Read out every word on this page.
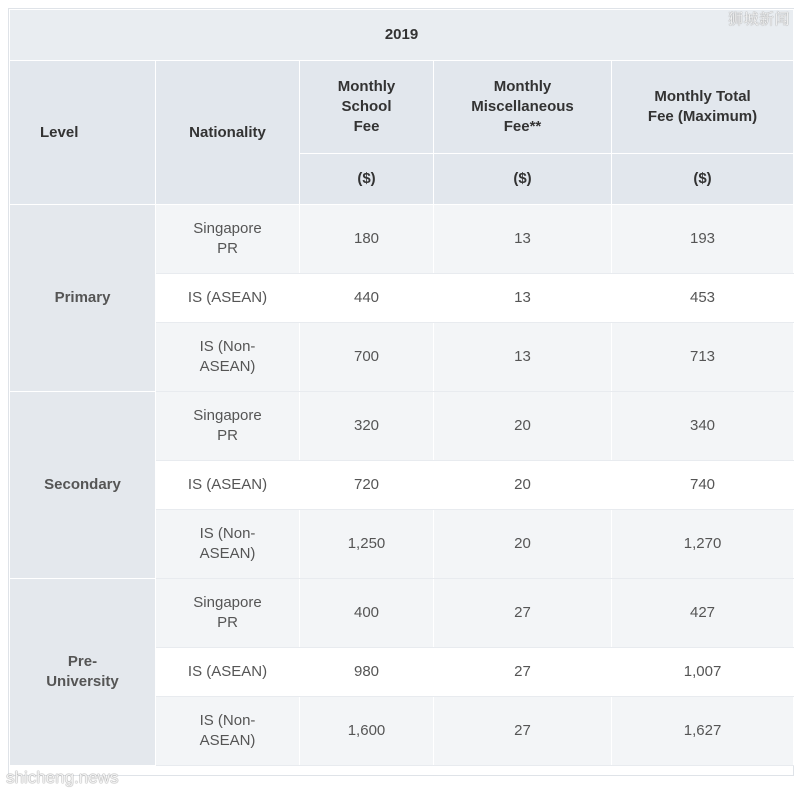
2019				
Level	Nationality	Monthly School Fee	Monthly Miscellaneous Fee**	Monthly Total Fee (Maximum)
		($)	($)	($)
Primary	Singapore PR	180	13	193
	IS (ASEAN)	440	13	453
	IS (Non-ASEAN)	700	13	713
Secondary	Singapore PR	320	20	340
	IS (ASEAN)	720	20	740
	IS (Non-ASEAN)	1,250	20	1,270
Pre-University	Singapore PR	400	27	427
	IS (ASEAN)	980	27	1,007
	IS (Non-ASEAN)	1,600	27	1,627
狮城新闻
shicheng.news
